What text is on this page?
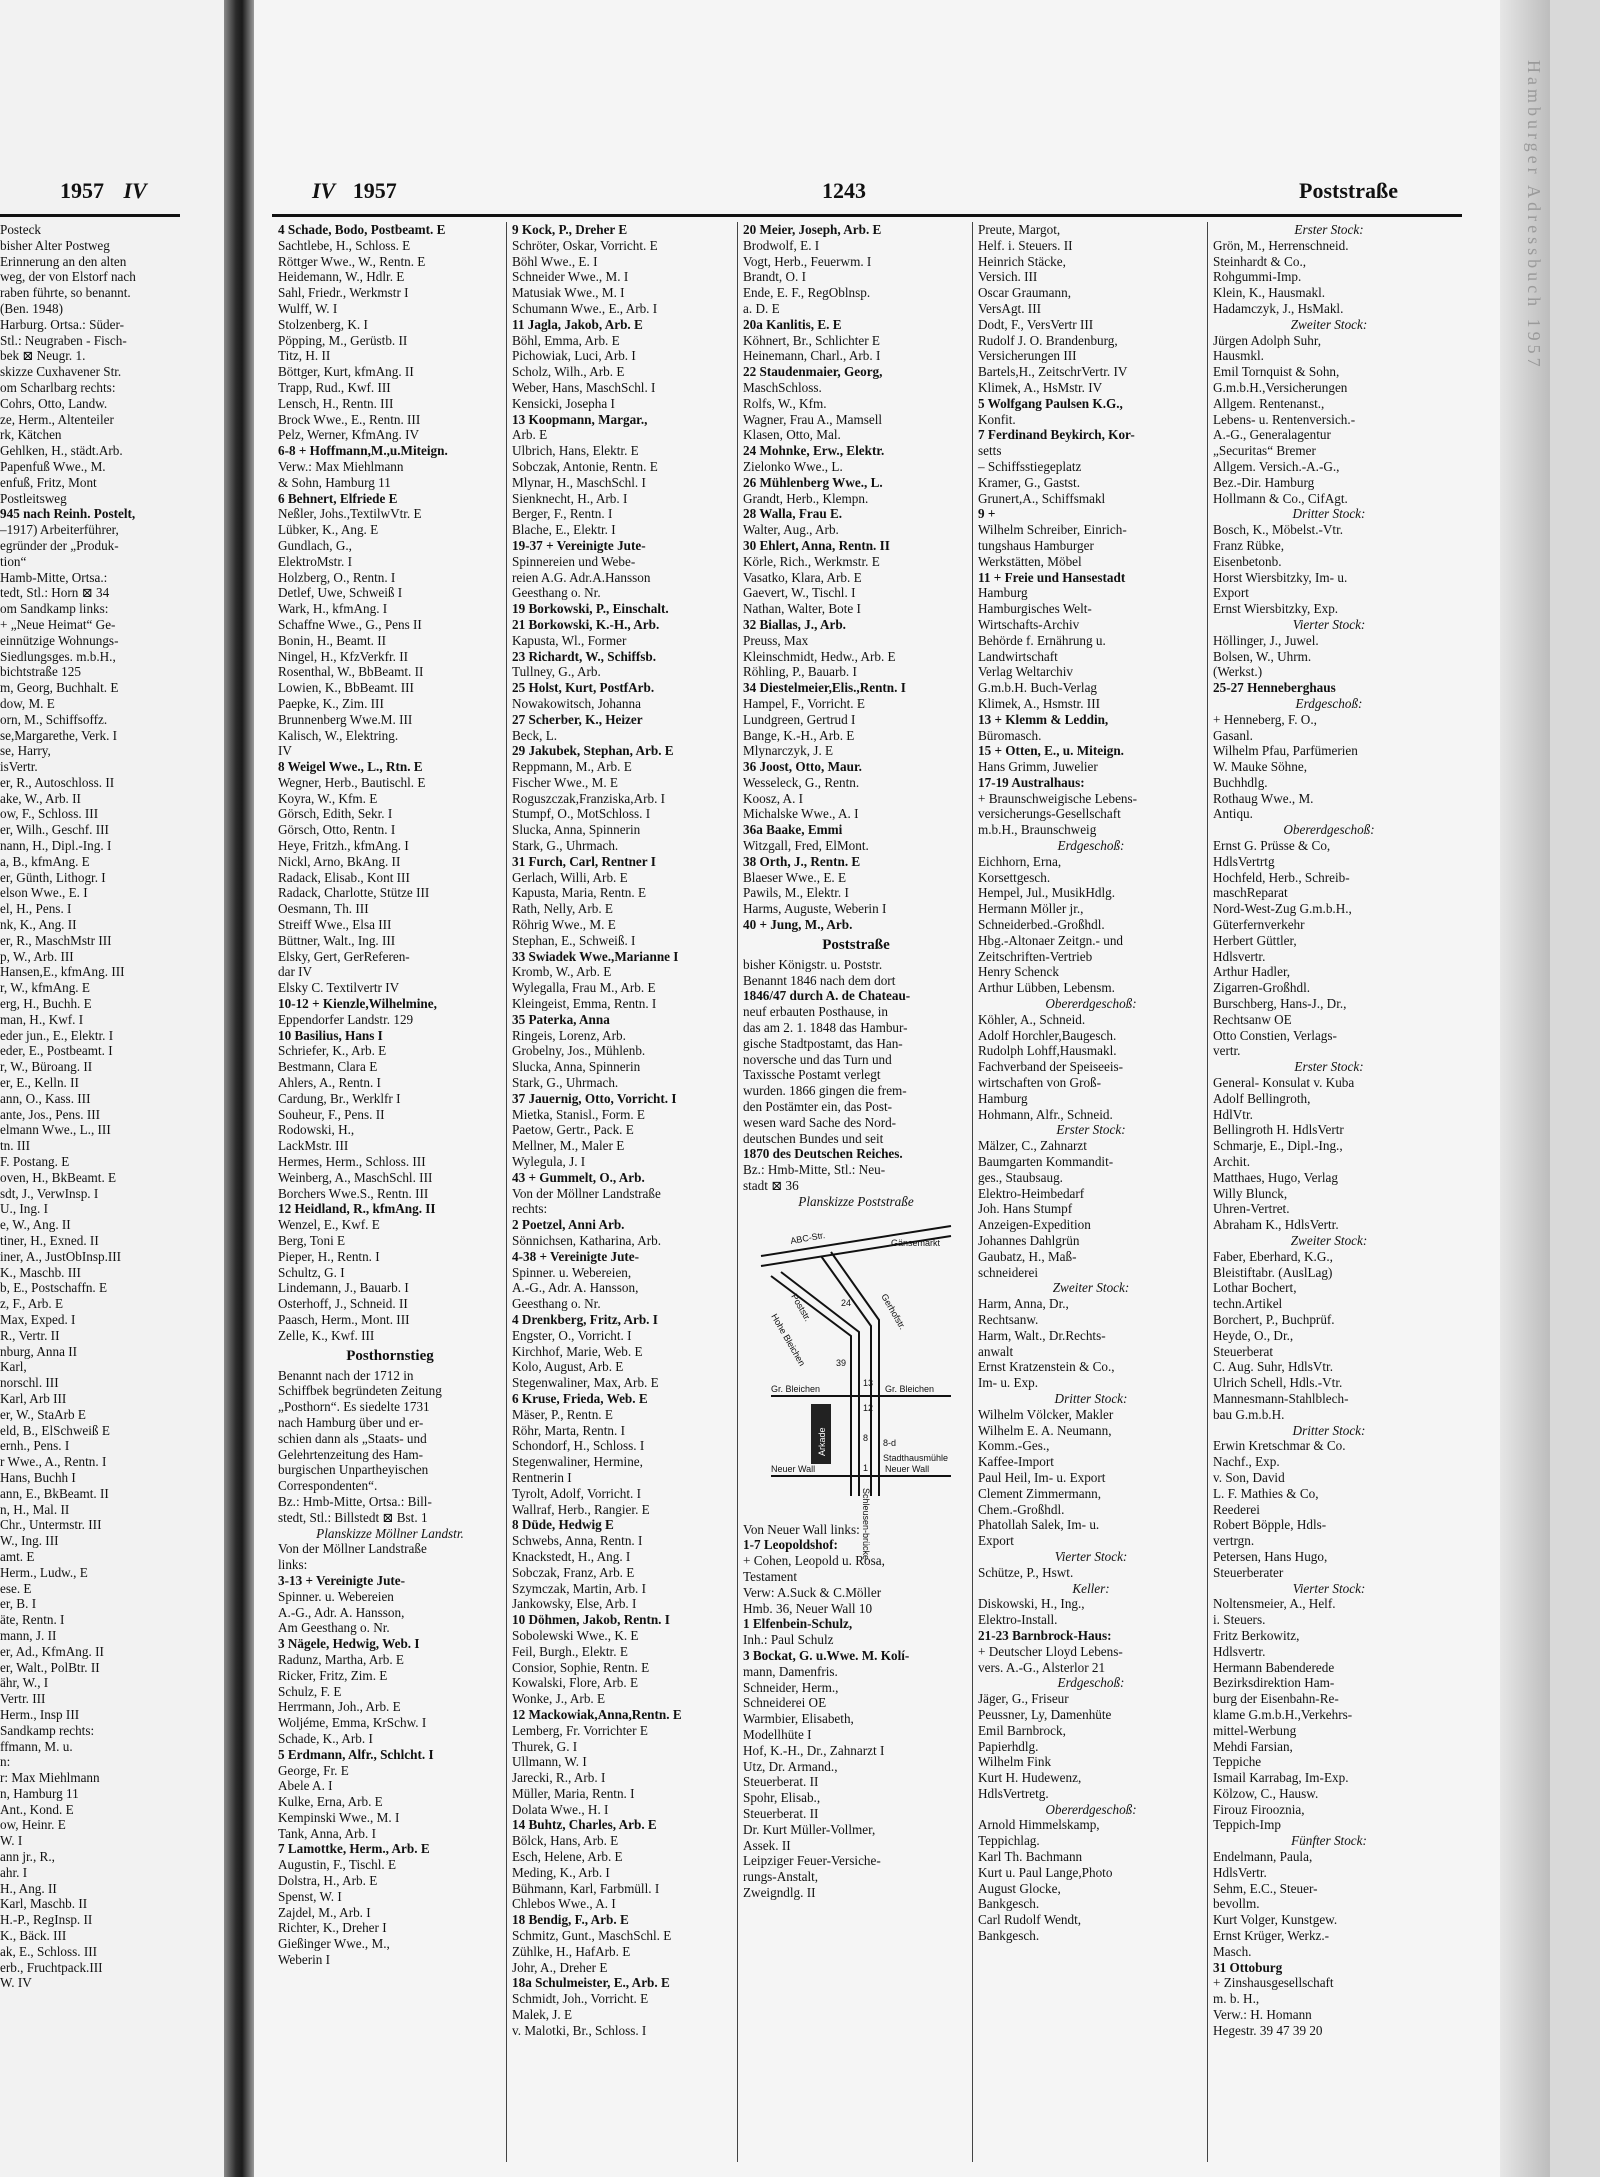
1957 IV
Posteck
bisher Alter Postweg
Erinnerung an den alten
weg, der von Elstorf nach
raben führte, so benannt.
(Ben. 1948)
Harburg. Ortsa.: Süder-
Stl.: Neugraben - Fisch-
bek ⊠ Neugr. 1.
skizze Cuxhavener Str.
om Scharlbarg rechts:
Cohrs, Otto, Landw.
ze, Herm., Altenteiler
rk, Kätchen
Gehlken, H., städt.Arb.
Papenfuß Wwe., M.
enfuß, Fritz, Mont
Postleitsweg
945 nach Reinh. Postelt,
–1917) Arbeiterführer,
egründer der „Produk-
tion“
Hamb-Mitte, Ortsa.:
tedt, Stl.: Horn ⊠ 34
om Sandkamp links:
+ „Neue Heimat“ Ge-
einnützige Wohnungs-
Siedlungsges. m.b.H.,
bichtstraße 125
m, Georg, Buchhalt. E
dow, M. E
orn, M., Schiffsoffz.
se,Margarethe, Verk. I
se, Harry,
isVertr.
er, R., Autoschloss. II
ake, W., Arb. II
ow, F., Schloss. III
er, Wilh., Geschf. III
nann, H., Dipl.-Ing. I
a, B., kfmAng. E
er, Günth, Lithogr. I
elson Wwe., E. I
el, H., Pens. I
nk, K., Ang. II
er, R., MaschMstr III
p, W., Arb. III
Hansen,E., kfmAng. III
r, W., kfmAng. E
erg, H., Buchh. E
man, H., Kwf. I
eder jun., E., Elektr. I
eder, E., Postbeamt. I
r, W., Büroang. II
er, E., Kelln. II
ann, O., Kass. III
ante, Jos., Pens. III
elmann Wwe., L., III
tn. III
F. Postang. E
oven, H., BkBeamt. E
sdt, J., VerwInsp. I
U., Ing. I
e, W., Ang. II
tiner, H., Exned. II
iner, A., JustObInsp.III
K., Maschb. III
b, E., Postschaffn. E
z, F., Arb. E
Max, Exped. I
R., Vertr. II
nburg, Anna II
Karl,
norschl. III
Karl, Arb III
er, W., StaArb E
eld, B., ElSchweiß E
ernh., Pens. I
r Wwe., A., Rentn. I
Hans, Buchh I
ann, E., BkBeamt. II
n, H., Mal. II
Chr., Untermstr. III
W., Ing. III
amt. E
Herm., Ludw., E
ese. E
er, B. I
äte, Rentn. I
mann, J. II
er, Ad., KfmAng. II
er, Walt., PolBtr. II
ähr, W., I
Vertr. III
Herm., Insp III
Sandkamp rechts:
ffmann, M. u.
n:
r: Max Miehlmann
n, Hamburg 11
Ant., Kond. E
ow, Heinr. E
W. I
ann jr., R.,
ahr. I
H., Ang. II
Karl, Maschb. II
H.-P., RegInsp. II
K., Bäck. III
ak, E., Schloss. III
erb., Fruchtpack.III
W. IV
IV 1957	1243	Poststraße
4 Schade, Bodo, Postbeamt. E
Sachtlebe, H., Schloss. E
Röttger Wwe., W., Rentn. E
Heidemann, W., Hdlr. E
Sahl, Friedr., Werkmstr I
Wulff, W. I
Stolzenberg, K. I
Pöpping, M., Gerüstb. II
Titz, H. II
Böttger, Kurt, kfmAng. II
Trapp, Rud., Kwf. III
Lensch, H., Rentn. III
Brock Wwe., E., Rentn. III
Pelz, Werner, KfmAng. IV
6-8 + Hoffmann,M.,u.Miteign.
Verw.: Max Miehlmann
& Sohn, Hamburg 11
6 Behnert, Elfriede E
Neßler, Johs.,TextilwVtr. E
Lübker, K., Ang. E
Gundlach, G.,
ElektroMstr. I
Holzberg, O., Rentn. I
Detlef, Uwe, Schweiß I
Wark, H., kfmAng. I
Schaffne Wwe., G., Pens II
Bonin, H., Beamt. II
Ningel, H., KfzVerkfr. II
Rosenthal, W., BbBeamt. II
Lowien, K., BbBeamt. III
Paepke, K., Zim. III
Brunnenberg Wwe.M. III
Kalisch, W., Elektring.
IV
8 Weigel Wwe., L., Rtn. E
Wegner, Herb., Bautischl. E
Koyra, W., Kfm. E
Görsch, Edith, Sekr. I
Görsch, Otto, Rentn. I
Heye, Fritzh., kfmAng. I
Nickl, Arno, BkAng. II
Radack, Elisab., Kont III
Radack, Charlotte, Stütze III
Oesmann, Th. III
Streiff Wwe., Elsa III
Büttner, Walt., Ing. III
Elsky, Gert, GerReferen-
dar IV
Elsky C. Textilvertr IV
10-12 + Kienzle,Wilhelmine,
Eppendorfer Landstr. 129
10 Basilius, Hans I
Schriefer, K., Arb. E
Bestmann, Clara E
Ahlers, A., Rentn. I
Cardung, Br., Werklfr I
Souheur, F., Pens. II
Rodowski, H.,
LackMstr. III
Hermes, Herm., Schloss. III
Weinberg, A., MaschSchl. III
Borchers Wwe.S., Rentn. III
12 Heidland, R., kfmAng. II
Wenzel, E., Kwf. E
Berg, Toni E
Pieper, H., Rentn. I
Schultz, G. I
Lindemann, J., Bauarb. I
Osterhoff, J., Schneid. II
Paasch, Herm., Mont. III
Zelle, K., Kwf. III
Posthornstieg
Benannt nach der 1712 in
Schiffbek begründeten Zeitung
„Posthorn“. Es siedelte 1731
nach Hamburg über und er-
schien dann als „Staats- und
Gelehrtenzeitung des Ham-
burgischen Unpartheyischen
Correspondenten“.
Bz.: Hmb-Mitte, Ortsa.: Bill-
stedt, Stl.: Billstedt ⊠ Bst. 1
Planskizze Möllner Landstr.
Von der Möllner Landstraße
links:
3-13 + Vereinigte Jute-
Spinner. u. Webereien
A.-G., Adr. A. Hansson,
Am Geesthang o. Nr.
3 Nägele, Hedwig, Web. I
Radunz, Martha, Arb. E
Ricker, Fritz, Zim. E
Schulz, F. E
Herrmann, Joh., Arb. E
Woljéme, Emma, KrSchw. I
Schade, K., Arb. I
5 Erdmann, Alfr., Schlcht. I
George, Fr. E
Abele A. I
Kulke, Erna, Arb. E
Kempinski Wwe., M. I
Tank, Anna, Arb. I
7 Lamottke, Herm., Arb. E
Augustin, F., Tischl. E
Dolstra, H., Arb. E
Spenst, W. I
Zajdel, M., Arb. I
Richter, K., Dreher I
Gießinger Wwe., M.,
Weberin I
9 Kock, P., Dreher E
Schröter, Oskar, Vorricht. E
Böhl Wwe., E. I
Schneider Wwe., M. I
Matusiak Wwe., M. I
Schumann Wwe., E., Arb. I
11 Jagla, Jakob, Arb. E
Böhl, Emma, Arb. E
Pichowiak, Luci, Arb. I
Scholz, Wilh., Arb. E
Weber, Hans, MaschSchl. I
Kensicki, Josepha I
13 Koopmann, Margar.,
Arb. E
Ulbrich, Hans, Elektr. E
Sobczak, Antonie, Rentn. E
Mlynar, H., MaschSchl. I
Sienknecht, H., Arb. I
Berger, F., Rentn. I
Blache, E., Elektr. I
19-37 + Vereinigte Jute-
Spinnereien und Webe-
reien A.G. Adr.A.Hansson
Geesthang o. Nr.
19 Borkowski, P., Einschalt.
21 Borkowski, K.-H., Arb.
Kapusta, Wl., Former
23 Richardt, W., Schiffsb.
Tullney, G., Arb.
25 Holst, Kurt, PostfArb.
Nowakowitsch, Johanna
27 Scherber, K., Heizer
Beck, L.
29 Jakubek, Stephan, Arb. E
Reppmann, M., Arb. E
Fischer Wwe., M. E
Roguszczak,Franziska,Arb. I
Stumpf, O., MotSchloss. I
Slucka, Anna, Spinnerin
Stark, G., Uhrmach.
31 Furch, Carl, Rentner I
Gerlach, Willi, Arb. E
Kapusta, Maria, Rentn. E
Rath, Nelly, Arb. E
Röhrig Wwe., M. E
Stephan, E., Schweiß. I
33 Swiadek Wwe.,Marianne I
Kromb, W., Arb. E
Wylegalla, Frau M., Arb. E
Kleingeist, Emma, Rentn. I
35 Paterka, Anna
Ringeis, Lorenz, Arb.
Grobelny, Jos., Mühlenb.
Slucka, Anna, Spinnerin
Stark, G., Uhrmach.
37 Jauernig, Otto, Vorricht. I
Mietka, Stanisl., Form. E
Paetow, Gertr., Pack. E
Mellner, M., Maler E
Wylegula, J. I
43 + Gummelt, O., Arb.
Von der Möllner Landstraße
rechts:
2 Poetzel, Anni Arb.
Sönnichsen, Katharina, Arb.
4-38 + Vereinigte Jute-
Spinner. u. Webereien,
A.-G., Adr. A. Hansson,
Geesthang o. Nr.
4 Drenkberg, Fritz, Arb. I
Engster, O., Vorricht. I
Kirchhof, Marie, Web. E
Kolo, August, Arb. E
Stegenwaliner, Max, Arb. E
6 Kruse, Frieda, Web. E
Mäser, P., Rentn. E
Röhr, Marta, Rentn. I
Schondorf, H., Schloss. I
Stegenwaliner, Hermine,
Rentnerin I
Tyrolt, Adolf, Vorricht. I
Wallraf, Herb., Rangier. E
8 Düde, Hedwig E
Schwebs, Anna, Rentn. I
Knackstedt, H., Ang. I
Sobczak, Franz, Arb. E
Szymczak, Martin, Arb. I
Jankowsky, Else, Arb. I
10 Döhmen, Jakob, Rentn. I
Sobolewski Wwe., K. E
Feil, Burgh., Elektr. E
Consior, Sophie, Rentn. E
Kowalski, Flore, Arb. E
Wonke, J., Arb. E
12 Mackowiak,Anna,Rentn. E
Lemberg, Fr. Vorrichter E
Thurek, G. I
Ullmann, W. I
Jarecki, R., Arb. I
Müller, Maria, Rentn. I
Dolata Wwe., H. I
14 Buhtz, Charles, Arb. E
Bölck, Hans, Arb. E
Esch, Helene, Arb. E
Meding, K., Arb. I
Bühmann, Karl, Farbmüll. I
Chlebos Wwe., A. I
18 Bendig, F., Arb. E
Schmitz, Gunt., MaschSchl. E
Zühlke, H., HafArb. E
Johr, A., Dreher E
18a Schulmeister, E., Arb. E
Schmidt, Joh., Vorricht. E
Malek, J. E
v. Malotki, Br., Schloss. I
20 Meier, Joseph, Arb. E
Brodwolf, E. I
Vogt, Herb., Feuerwm. I
Brandt, O. I
Ende, E. F., RegOblnsp.
a. D. E
20a Kanlitis, E. E
Köhnert, Br., Schlichter E
Heinemann, Charl., Arb. I
22 Staudenmaier, Georg,
MaschSchloss.
Rolfs, W., Kfm.
Wagner, Frau A., Mamsell
Klasen, Otto, Mal.
24 Mohnke, Erw., Elektr.
Zielonko Wwe., L.
26 Mühlenberg Wwe., L.
Grandt, Herb., Klempn.
28 Walla, Frau E.
Walter, Aug., Arb.
30 Ehlert, Anna, Rentn. II
Körle, Rich., Werkmstr. E
Vasatko, Klara, Arb. E
Gaevert, W., Tischl. I
Nathan, Walter, Bote I
32 Biallas, J., Arb.
Preuss, Max
Kleinschmidt, Hedw., Arb. E
Röhling, P., Bauarb. I
34 Diestelmeier,Elis.,Rentn. I
Hampel, F., Vorricht. E
Lundgreen, Gertrud I
Bange, K.-H., Arb. E
Mlynarczyk, J. E
36 Joost, Otto, Maur.
Wesseleck, G., Rentn.
Koosz, A. I
Michalske Wwe., A. I
36a Baake, Emmi
Witzgall, Fred, ElMont.
38 Orth, J., Rentn. E
Blaeser Wwe., E. E
Pawils, M., Elektr. I
Harms, Auguste, Weberin I
40 + Jung, M., Arb.
Poststraße
bisher Königstr. u. Poststr.
Benannt 1846 nach dem dort
1846/47 durch A. de Chateau-
neuf erbauten Posthause, in
das am 2. 1. 1848 das Hambur-
gische Stadtpostamt, das Han-
noversche und das Turn und
Taxissche Postamt verlegt
wurden. 1866 gingen die frem-
den Postämter ein, das Post-
wesen ward Sache des Nord-
deutschen Bundes und seit
1870 des Deutschen Reiches.
Bz.: Hmb-Mitte, Stl.: Neu-
stadt ⊠ 36
Planskizze Poststraße
ABC-Str.	Gänsemarkt
Hohe Bleichen
Poststr.	Gerhofstr.
24
39
13
12
1
8 8-d
Gr. Bleichen	Gr. Bleichen
Stadthausmühle
Neuer Wall	Neuer Wall
Schleusen-brücke
Arkade
Von Neuer Wall links:
1-7 Leopoldshof:
+ Cohen, Leopold u. Rosa,
Testament
Verw: A.Suck & C.Möller
Hmb. 36, Neuer Wall 10
1 Elfenbein-Schulz,
Inh.: Paul Schulz
3 Bockat, G. u.Wwe. M. Kolí-
mann, Damenfris.
Schneider, Herm.,
Schneiderei OE
Warmbier, Elisabeth,
Modellhüte I
Hof, K.-H., Dr., Zahnarzt I
Utz, Dr. Armand.,
Steuerberat. II
Spohr, Elisab.,
Steuerberat. II
Dr. Kurt Müller-Vollmer,
Assek. II
Leipziger Feuer-Versiche-
rungs-Anstalt,
Zweigndlg. II
Preute, Margot,
Helf. i. Steuers. II
Heinrich Stäcke,
Versich. III
Oscar Graumann,
VersAgt. III
Dodt, F., VersVertr III
Rudolf J. O. Brandenburg,
Versicherungen III
Bartels,H., ZeitschrVertr. IV
Klimek, A., HsMstr. IV
5 Wolfgang Paulsen K.G.,
Konfit.
7 Ferdinand Beykirch, Kor-
setts
– Schiffsstiegeplatz
Kramer, G., Gastst.
Grunert,A., Schiffsmakl
9 +
Wilhelm Schreiber, Einrich-
tungshaus Hamburger
Werkstätten, Möbel
11 + Freie und Hansestadt
Hamburg
Hamburgisches Welt-
Wirtschafts-Archiv
Behörde f. Ernährung u.
Landwirtschaft
Verlag Weltarchiv
G.m.b.H. Buch-Verlag
Klimek, A., Hsmstr. III
13 + Klemm & Leddin,
Büromasch.
15 + Otten, E., u. Miteign.
Hans Grimm, Juwelier
17-19 Australhaus:
+ Braunschweigische Lebens-
versicherungs-Gesellschaft
m.b.H., Braunschweig
Erdgeschoß:
Eichhorn, Erna,
Korsettgesch.
Hempel, Jul., MusikHdlg.
Hermann Möller jr.,
Schneiderbed.-Großhdl.
Hbg.-Altonaer Zeitgn.- und
Zeitschriften-Vertrieb
Henry Schenck
Arthur Lübben, Lebensm.
Obererdgeschoß:
Köhler, A., Schneid.
Adolf Horchler,Baugesch.
Rudolph Lohff,Hausmakl.
Fachverband der Speiseeis-
wirtschaften von Groß-
Hamburg
Hohmann, Alfr., Schneid.
Erster Stock:
Mälzer, C., Zahnarzt
Baumgarten Kommandit-
ges., Staubsaug.
Elektro-Heimbedarf
Joh. Hans Stumpf
Anzeigen-Expedition
Johannes Dahlgrün
Gaubatz, H., Maß-
schneiderei
Zweiter Stock:
Harm, Anna, Dr.,
Rechtsanw.
Harm, Walt., Dr.Rechts-
anwalt
Ernst Kratzenstein & Co.,
Im- u. Exp.
Dritter Stock:
Wilhelm Völcker, Makler
Wilhelm E. A. Neumann,
Komm.-Ges.,
Kaffee-Import
Paul Heil, Im- u. Export
Clement Zimmermann,
Chem.-Großhdl.
Phatollah Salek, Im- u.
Export
Vierter Stock:
Schütze, P., Hswt.
Keller:
Diskowski, H., Ing.,
Elektro-Install.
21-23 Barnbrock-Haus:
+ Deutscher Lloyd Lebens-
vers. A.-G., Alsterlor 21
Erdgeschoß:
Jäger, G., Friseur
Peussner, Ly, Damenhüte
Emil Barnbrock,
Papierhdlg.
Wilhelm Fink
Kurt H. Hudewenz,
HdlsVertretg.
Obererdgeschoß:
Arnold Himmelskamp,
Teppichlag.
Karl Th. Bachmann
Kurt u. Paul Lange,Photo
August Glocke,
Bankgesch.
Carl Rudolf Wendt,
Bankgesch.
Erster Stock:
Grön, M., Herrenschneid.
Steinhardt & Co.,
Rohgummi-Imp.
Klein, K., Hausmakl.
Hadamczyk, J., HsMakl.
Zweiter Stock:
Jürgen Adolph Suhr,
Hausmkl.
Emil Tornquist & Sohn,
G.m.b.H.,Versicherungen
Allgem. Rentenanst.,
Lebens- u. Rentenversich.-
A.-G., Generalagentur
„Securitas“ Bremer
Allgem. Versich.-A.-G.,
Bez.-Dir. Hamburg
Hollmann & Co., CifAgt.
Dritter Stock:
Bosch, K., Möbelst.-Vtr.
Franz Rübke,
Eisenbetonb.
Horst Wiersbitzky, Im- u.
Export
Ernst Wiersbitzky, Exp.
Vierter Stock:
Höllinger, J., Juwel.
Bolsen, W., Uhrm.
(Werkst.)
25-27 Henneberghaus
Erdgeschoß:
+ Henneberg, F. O.,
Gasanl.
Wilhelm Pfau, Parfümerien
W. Mauke Söhne,
Buchhdlg.
Rothaug Wwe., M.
Antiqu.
Obererdgeschoß:
Ernst G. Prüsse & Co,
HdlsVertrtg
Hochfeld, Herb., Schreib-
maschReparat
Nord-West-Zug G.m.b.H.,
Güterfernverkehr
Herbert Güttler,
Hdlsvertr.
Arthur Hadler,
Zigarren-Großhdl.
Burschberg, Hans-J., Dr.,
Rechtsanw OE
Otto Constien, Verlags-
vertr.
Erster Stock:
General- Konsulat v. Kuba
Adolf Bellingroth,
HdlVtr.
Bellingroth H. HdlsVertr
Schmarje, E., Dipl.-Ing.,
Archit.
Matthaes, Hugo, Verlag
Willy Blunck,
Uhren-Vertret.
Abraham K., HdlsVertr.
Zweiter Stock:
Faber, Eberhard, K.G.,
Bleistiftabr. (AuslLag)
Lothar Bochert,
techn.Artikel
Borchert, P., Buchprüf.
Heyde, O., Dr.,
Steuerberat
C. Aug. Suhr, HdlsVtr.
Ulrich Schell, Hdls.-Vtr.
Mannesmann-Stahlblech-
bau G.m.b.H.
Dritter Stock:
Erwin Kretschmar & Co.
Nachf., Exp.
v. Son, David
L. F. Mathies & Co,
Reederei
Robert Böpple, Hdls-
vertrgn.
Petersen, Hans Hugo,
Steuerberater
Vierter Stock:
Noltensmeier, A., Helf.
i. Steuers.
Fritz Berkowitz,
Hdlsvertr.
Hermann Babenderede
Bezirksdirektion Ham-
burg der Eisenbahn-Re-
klame G.m.b.H.,Verkehrs-
mittel-Werbung
Mehdi Farsian,
Teppiche
Ismail Karrabag, Im-Exp.
Kölzow, C., Hausw.
Firouz Firooznia,
Teppich-Imp
Fünfter Stock:
Endelmann, Paula,
HdlsVertr.
Sehm, E.C., Steuer-
bevollm.
Kurt Volger, Kunstgew.
Ernst Krüger, Werkz.-
Masch.
31 Ottoburg
+ Zinshausgesellschaft
m. b. H.,
Verw.: H. Homann
Hegestr. 39 47 39 20
Hamburger Adressbuch 1957
